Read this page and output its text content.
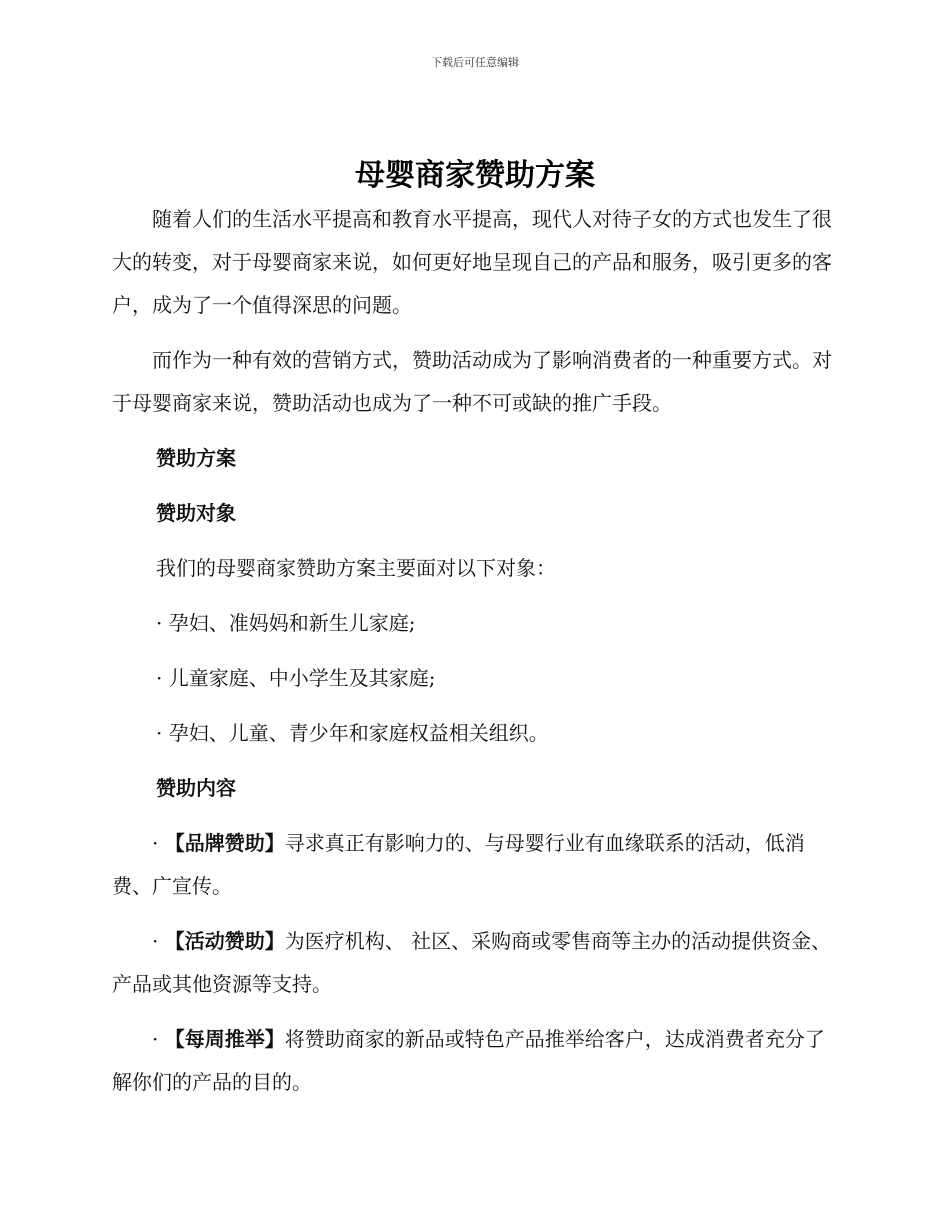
下载后可任意编辑
母婴商家赞助方案

随着人们的生活水平提高和教育水平提高，现代人对待子女的方式也发生了很大的转变，对于母婴商家来说，如何更好地呈现自己的产品和服务，吸引更多的客户，成为了一个值得深思的问题。

而作为一种有效的营销方式，赞助活动成为了影响消费者的一种重要方式。对于母婴商家来说，赞助活动也成为了一种不可或缺的推广手段。

赞助方案
赞助对象
我们的母婴商家赞助方案主要面对以下对象：
· 孕妇、准妈妈和新生儿家庭;
· 儿童家庭、中小学生及其家庭;
· 孕妇、儿童、青少年和家庭权益相关组织。
赞助内容

· 【品牌赞助】寻求真正有影响力的、与母婴行业有血缘联系的活动，低消费、广宣传。

· 【活动赞助】为医疗机构、 社区、采购商或零售商等主办的活动提供资金、产品或其他资源等支持。

· 【每周推举】将赞助商家的新品或特色产品推举给客户，达成消费者充分了解你们的产品的目的。
